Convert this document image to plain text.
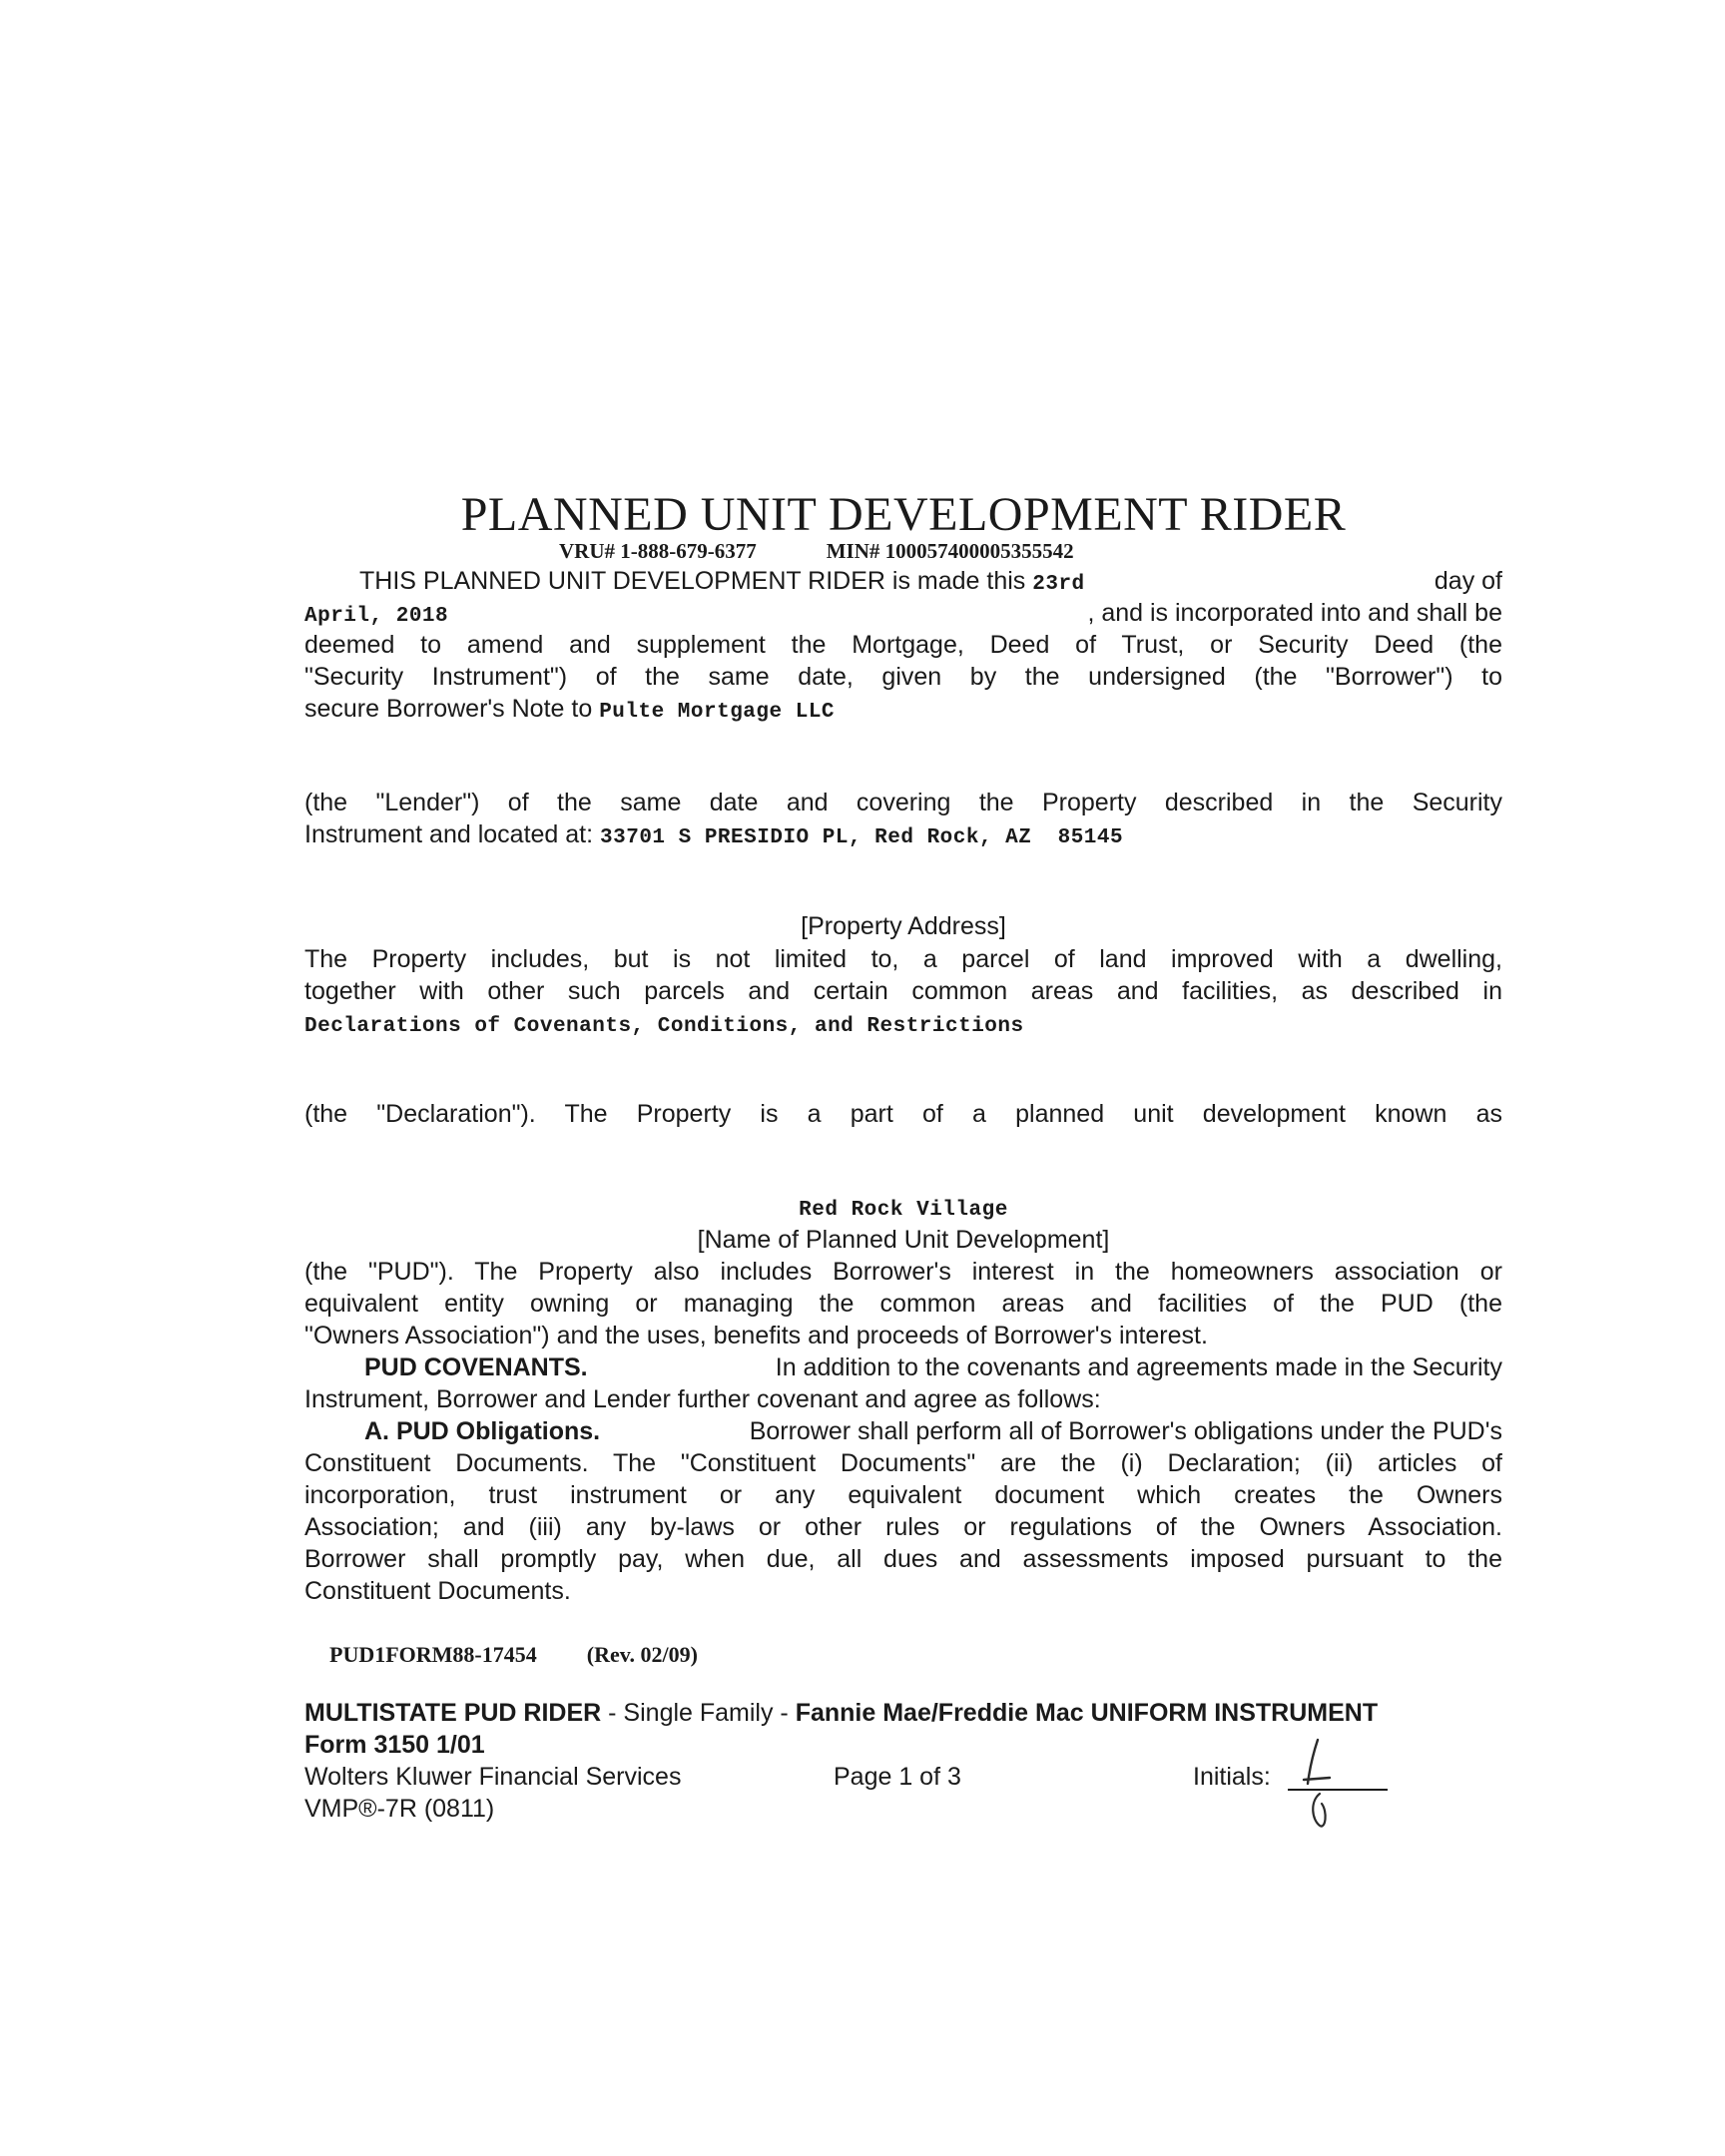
PLANNED UNIT DEVELOPMENT RIDER
VRU# 1-888-679-6377	MIN# 100057400005355542
THIS PLANNED UNIT DEVELOPMENT RIDER is made this 23rd	day of
April, 2018	, and is incorporated into and shall be
deemed to amend and supplement the Mortgage, Deed of Trust, or Security Deed (the
"Security Instrument") of the same date, given by the undersigned (the "Borrower") to
secure Borrower's Note to Pulte Mortgage LLC
(the "Lender") of the same date and covering the Property described in the Security
Instrument and located at: 33701 S PRESIDIO PL, Red Rock, AZ  85145
[Property Address]
The Property includes, but is not limited to, a parcel of land improved with a dwelling,
together with other such parcels and certain common areas and facilities, as described in
Declarations of Covenants, Conditions, and Restrictions
(the "Declaration"). The Property is a part of a planned unit development known as
Red Rock Village
[Name of Planned Unit Development]
(the "PUD"). The Property also includes Borrower's interest in the homeowners association or
equivalent entity owning or managing the common areas and facilities of the PUD (the
"Owners Association") and the uses, benefits and proceeds of Borrower's interest.
PUD COVENANTS.	In addition to the covenants and agreements made in the Security
Instrument, Borrower and Lender further covenant and agree as follows:
A. PUD Obligations.	Borrower shall perform all of Borrower's obligations under the PUD's
Constituent Documents. The "Constituent Documents" are the (i) Declaration; (ii) articles of
incorporation, trust instrument or any equivalent document which creates the Owners
Association; and (iii) any by-laws or other rules or regulations of the Owners Association.
Borrower shall promptly pay, when due, all dues and assessments imposed pursuant to the
Constituent Documents.
PUD1FORM88-17454 (Rev. 02/09)
MULTISTATE PUD RIDER - Single Family - Fannie Mae/Freddie Mac UNIFORM INSTRUMENT
Form 3150 1/01
Wolters Kluwer Financial Services	Page 1 of 3	Initials:
VMP®-7R (0811)
